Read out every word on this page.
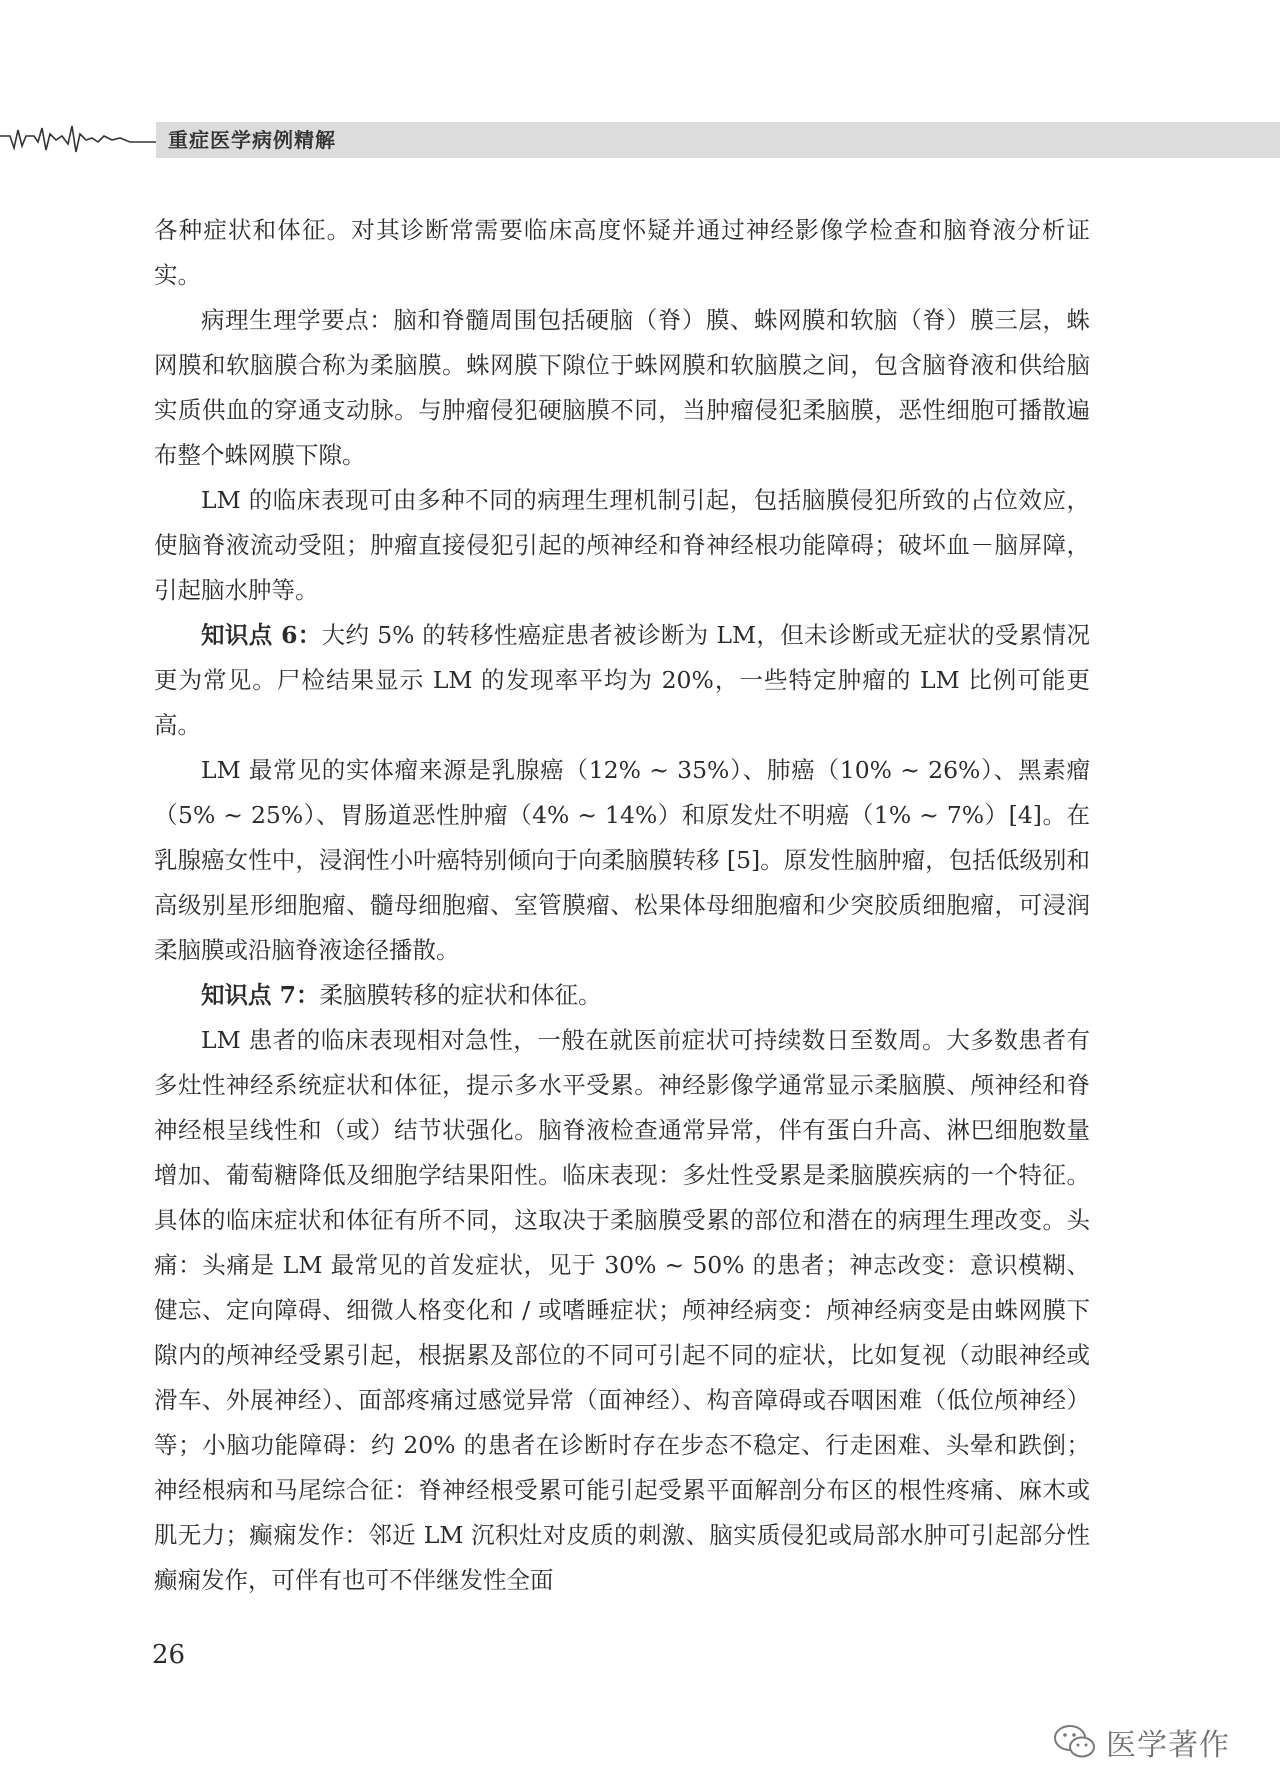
重症医学病例精解

各种症状和体征。对其诊断常需要临床高度怀疑并通过神经影像学检查和脑脊液分析证实。

病理生理学要点：脑和脊髓周围包括硬脑（脊）膜、蛛网膜和软脑（脊）膜三层，蛛网膜和软脑膜合称为柔脑膜。蛛网膜下隙位于蛛网膜和软脑膜之间，包含脑脊液和供给脑实质供血的穿通支动脉。与肿瘤侵犯硬脑膜不同，当肿瘤侵犯柔脑膜，恶性细胞可播散遍布整个蛛网膜下隙。

LM 的临床表现可由多种不同的病理生理机制引起，包括脑膜侵犯所致的占位效应，使脑脊液流动受阻；肿瘤直接侵犯引起的颅神经和脊神经根功能障碍；破坏血－脑屏障，引起脑水肿等。

知识点 6：大约 5% 的转移性癌症患者被诊断为 LM，但未诊断或无症状的受累情况更为常见。尸检结果显示 LM 的发现率平均为 20%，一些特定肿瘤的 LM 比例可能更高。

LM 最常见的实体瘤来源是乳腺癌（12% ~ 35%）、肺癌（10% ~ 26%）、黑素瘤（5% ~ 25%）、胃肠道恶性肿瘤（4% ~ 14%）和原发灶不明癌（1% ~ 7%）[4]。在乳腺癌女性中，浸润性小叶癌特别倾向于向柔脑膜转移 [5]。原发性脑肿瘤，包括低级别和高级别星形细胞瘤、髓母细胞瘤、室管膜瘤、松果体母细胞瘤和少突胶质细胞瘤，可浸润柔脑膜或沿脑脊液途径播散。

知识点 7：柔脑膜转移的症状和体征。

LM 患者的临床表现相对急性，一般在就医前症状可持续数日至数周。大多数患者有多灶性神经系统症状和体征，提示多水平受累。神经影像学通常显示柔脑膜、颅神经和脊神经根呈线性和（或）结节状强化。脑脊液检查通常异常，伴有蛋白升高、淋巴细胞数量增加、葡萄糖降低及细胞学结果阳性。临床表现：多灶性受累是柔脑膜疾病的一个特征。具体的临床症状和体征有所不同，这取决于柔脑膜受累的部位和潜在的病理生理改变。头痛：头痛是 LM 最常见的首发症状，见于 30% ~ 50% 的患者；神志改变：意识模糊、健忘、定向障碍、细微人格变化和 / 或嗜睡症状；颅神经病变：颅神经病变是由蛛网膜下隙内的颅神经受累引起，根据累及部位的不同可引起不同的症状，比如复视（动眼神经或滑车、外展神经）、面部疼痛过感觉异常（面神经）、构音障碍或吞咽困难（低位颅神经）等；小脑功能障碍：约 20% 的患者在诊断时存在步态不稳定、行走困难、头晕和跌倒；神经根病和马尾综合征：脊神经根受累可能引起受累平面解剖分布区的根性疼痛、麻木或肌无力；癫痫发作：邻近 LM 沉积灶对皮质的刺激、脑实质侵犯或局部水肿可引起部分性癫痫发作，可伴有也可不伴继发性全面

26
医学著作
